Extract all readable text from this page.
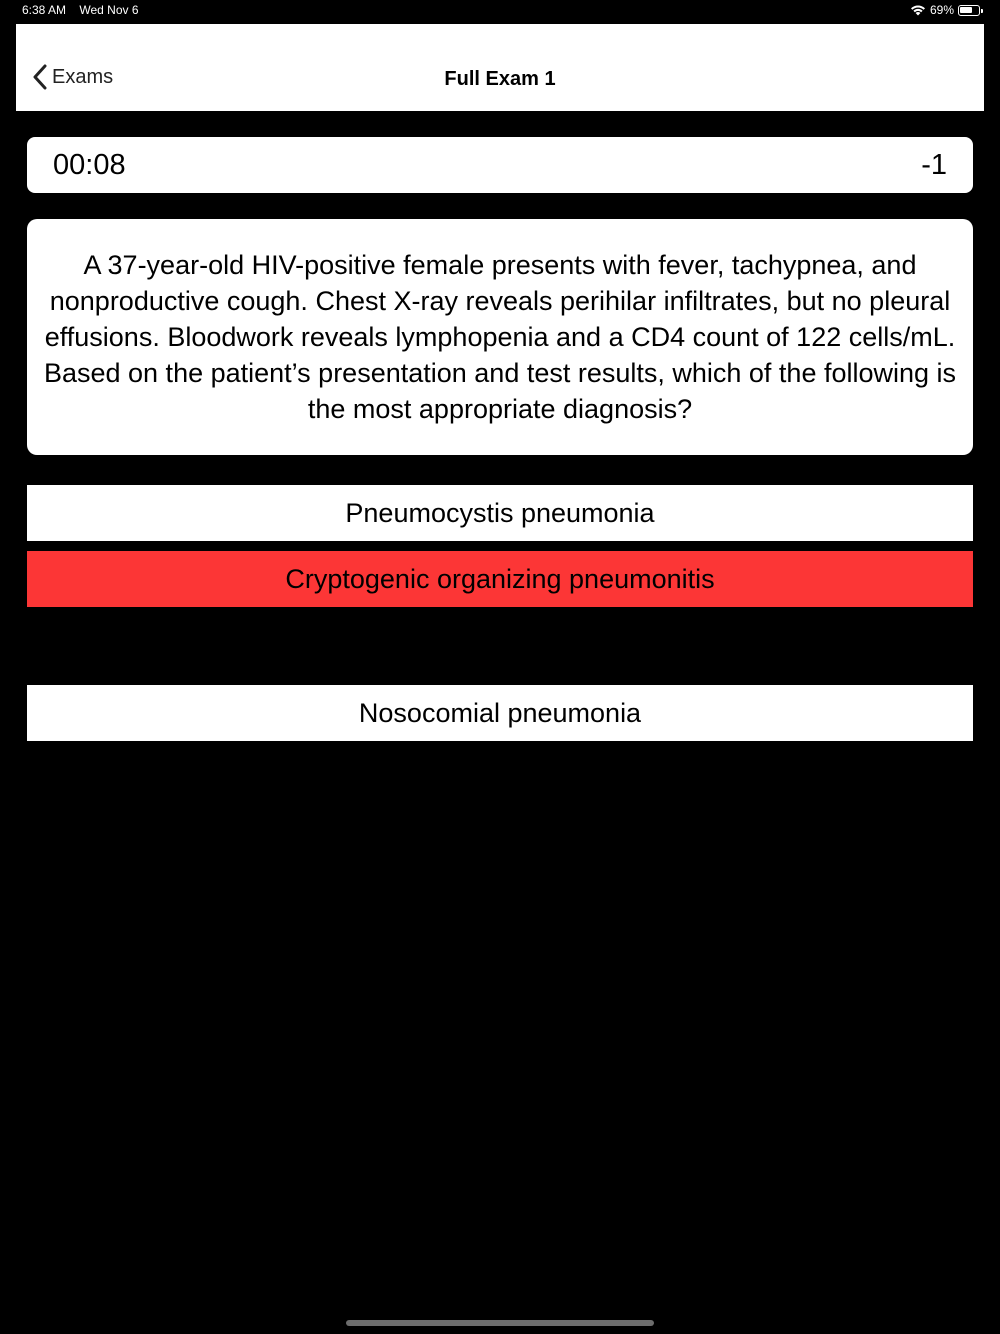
6:38 AM Wed Nov 6	69%
Exams	Full Exam 1
00:08	-1
A 37-year-old HIV-positive female presents with fever, tachypnea, and nonproductive cough. Chest X-ray reveals perihilar infiltrates, but no pleural effusions. Bloodwork reveals lymphopenia and a CD4 count of 122 cells/mL. Based on the patient’s presentation and test results, which of the following is the most appropriate diagnosis?
Pneumocystis pneumonia
Cryptogenic organizing pneumonitis
Nosocomial pneumonia
